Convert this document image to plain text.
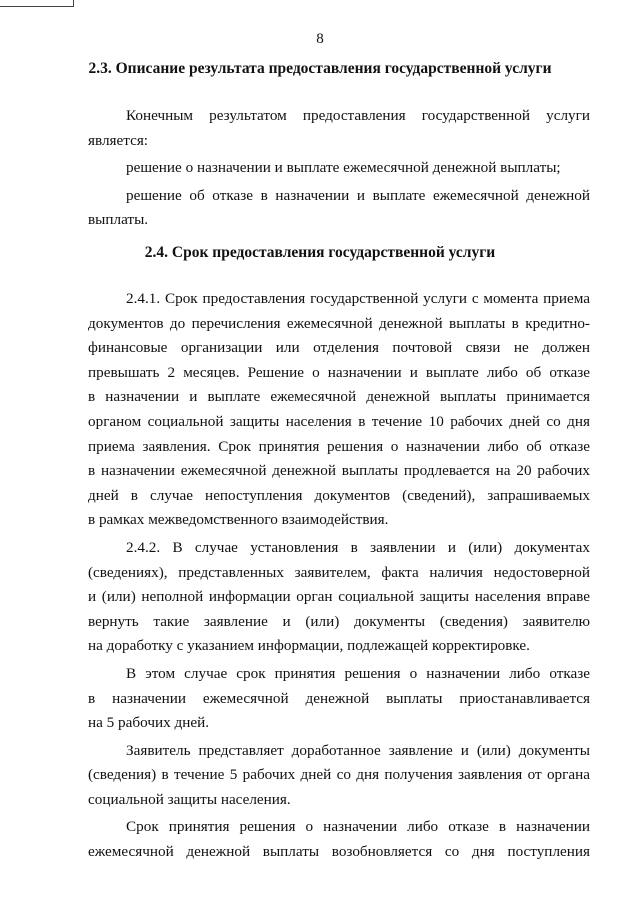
8
2.3. Описание результата предоставления государственной услуги
Конечным результатом предоставления государственной услуги
является:
решение о назначении и выплате ежемесячной денежной выплаты;
решение об отказе в назначении и выплате ежемесячной денежной
выплаты.
2.4. Срок предоставления государственной услуги
2.4.1. Срок предоставления государственной услуги с момента приема
документов до перечисления ежемесячной денежной выплаты в кредитно-
финансовые организации или отделения почтовой связи не должен
превышать 2 месяцев. Решение о назначении и выплате либо об отказе
в назначении и выплате ежемесячной денежной выплаты принимается
органом социальной защиты населения в течение 10 рабочих дней со дня
приема заявления. Срок принятия решения о назначении либо об отказе
в назначении ежемесячной денежной выплаты продлевается на 20 рабочих
дней в случае непоступления документов (сведений), запрашиваемых
в рамках межведомственного взаимодействия.
2.4.2. В случае установления в заявлении и (или) документах
(сведениях), представленных заявителем, факта наличия недостоверной
и (или) неполной информации орган социальной защиты населения вправе
вернуть такие заявление и (или) документы (сведения) заявителю
на доработку с указанием информации, подлежащей корректировке.
В этом случае срок принятия решения о назначении либо отказе
в назначении ежемесячной денежной выплаты приостанавливается
на 5 рабочих дней.
Заявитель представляет доработанное заявление и (или) документы
(сведения) в течение 5 рабочих дней со дня получения заявления от органа
социальной защиты населения.
Срок принятия решения о назначении либо отказе в назначении
ежемесячной денежной выплаты возобновляется со дня поступления
